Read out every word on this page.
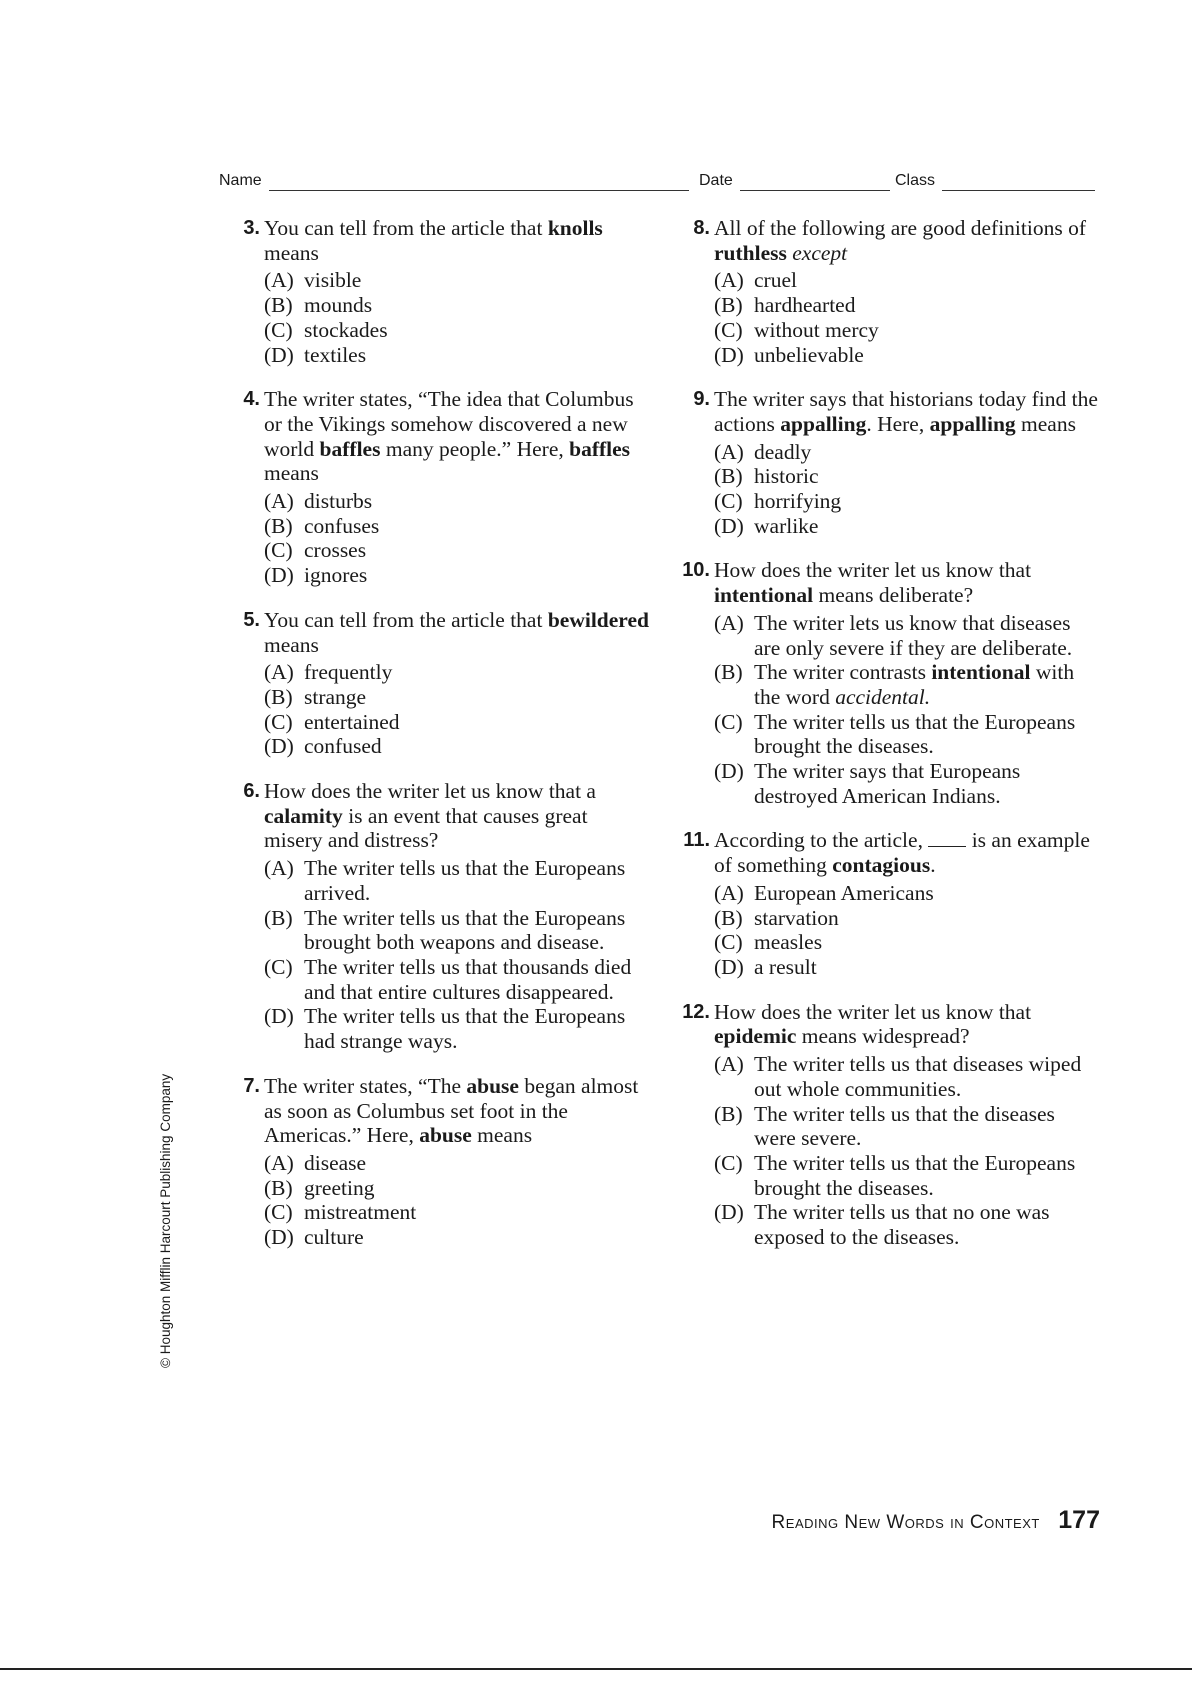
Name	Date	Class
3. You can tell from the article that knolls means
(A) visible
(B) mounds
(C) stockades
(D) textiles
4. The writer states, “The idea that Columbus or the Vikings somehow discovered a new world baffles many people.” Here, baffles means
(A) disturbs
(B) confuses
(C) crosses
(D) ignores
5. You can tell from the article that bewildered means
(A) frequently
(B) strange
(C) entertained
(D) confused
6. How does the writer let us know that a calamity is an event that causes great misery and distress?
(A) The writer tells us that the Europeans arrived.
(B) The writer tells us that the Europeans brought both weapons and disease.
(C) The writer tells us that thousands died and that entire cultures disappeared.
(D) The writer tells us that the Europeans had strange ways.
7. The writer states, “The abuse began almost as soon as Columbus set foot in the Americas.” Here, abuse means
(A) disease
(B) greeting
(C) mistreatment
(D) culture
8. All of the following are good definitions of ruthless except
(A) cruel
(B) hardhearted
(C) without mercy
(D) unbelievable
9. The writer says that historians today find the actions appalling. Here, appalling means
(A) deadly
(B) historic
(C) horrifying
(D) warlike
10. How does the writer let us know that intentional means deliberate?
(A) The writer lets us know that diseases are only severe if they are deliberate.
(B) The writer contrasts intentional with the word accidental.
(C) The writer tells us that the Europeans brought the diseases.
(D) The writer says that Europeans destroyed American Indians.
11. According to the article,  is an example of something contagious.
(A) European Americans
(B) starvation
(C) measles
(D) a result
12. How does the writer let us know that epidemic means widespread?
(A) The writer tells us that diseases wiped out whole communities.
(B) The writer tells us that the diseases were severe.
(C) The writer tells us that the Europeans brought the diseases.
(D) The writer tells us that no one was exposed to the diseases.
© Houghton Mifflin Harcourt Publishing Company
Reading New Words in Context 177
